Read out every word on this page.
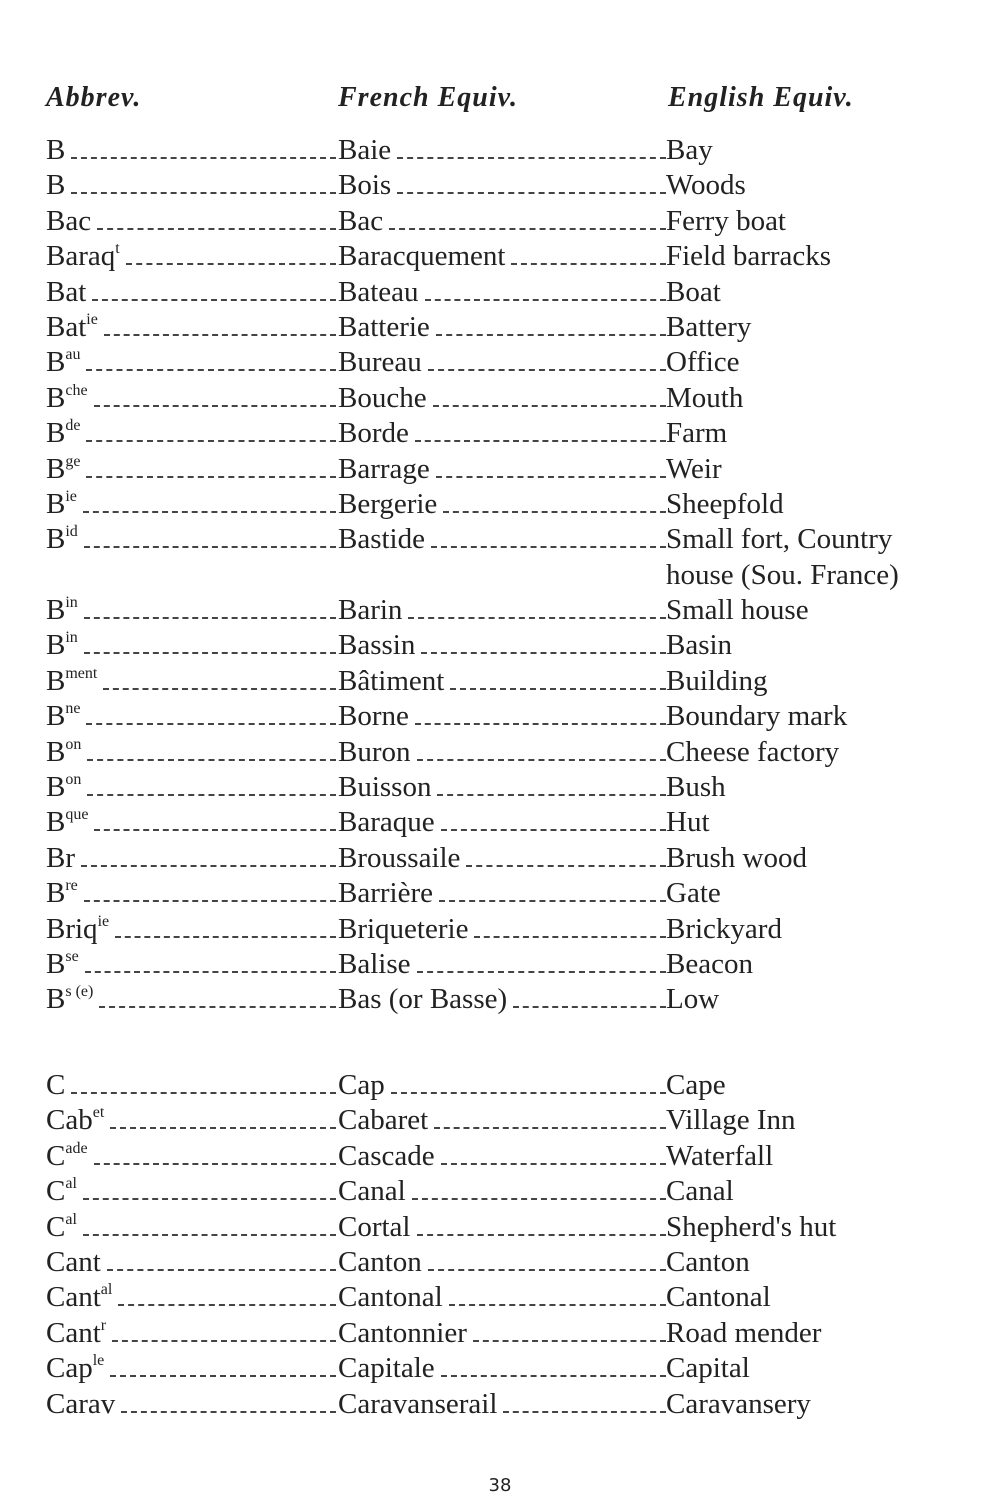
Abbrev.	French Equiv.	English Equiv.
B	Baie	Bay
B	Bois	Woods
Bac	Bac	Ferry boat
Baraq$^t$	Baracquement	Field barracks
Bat	Bateau	Boat
Bat$^{ie}$	Batterie	Battery
$B^{au}$	Bureau	Office
$B^{che}$	Bouche	Mouth
$B^{de}$	Borde	Farm
$B^{ge}$	Barrage	Weir
$B^{ie}$	Bergerie	Sheepfold
$B^{id}$	Bastide	Small fort, Country house (Sou. France)
$B^{in}$	Barin	Small house
$B^{in}$	Bassin	Basin
$B^{ment}$	Bâtiment	Building
$B^{ne}$	Borne	Boundary mark
$B^{on}$	Buron	Cheese factory
$B^{on}$	Buisson	Bush
$B^{que}$	Baraque	Hut
Br	Broussaile	Brush wood
$B^{re}$	Barrière	Gate
Briq$^{ie}$	Briqueterie	Brickyard
$B^{se}$	Balise	Beacon
$B^{s (e)}$	Bas (or Basse)	Low
C	Cap	Cape
Cab$^{et}$	Cabaret	Village Inn
$C^{ade}$	Cascade	Waterfall
$C^{al}$	Canal	Canal
$C^{al}$	Cortal	Shepherd's hut
Cant	Canton	Canton
Cant$^{al}$	Cantonal	Cantonal
Cant$^r$	Cantonnier	Road mender
Cap$^{le}$	Capitale	Capital
Carav	Caravanserail	Caravansery
38
